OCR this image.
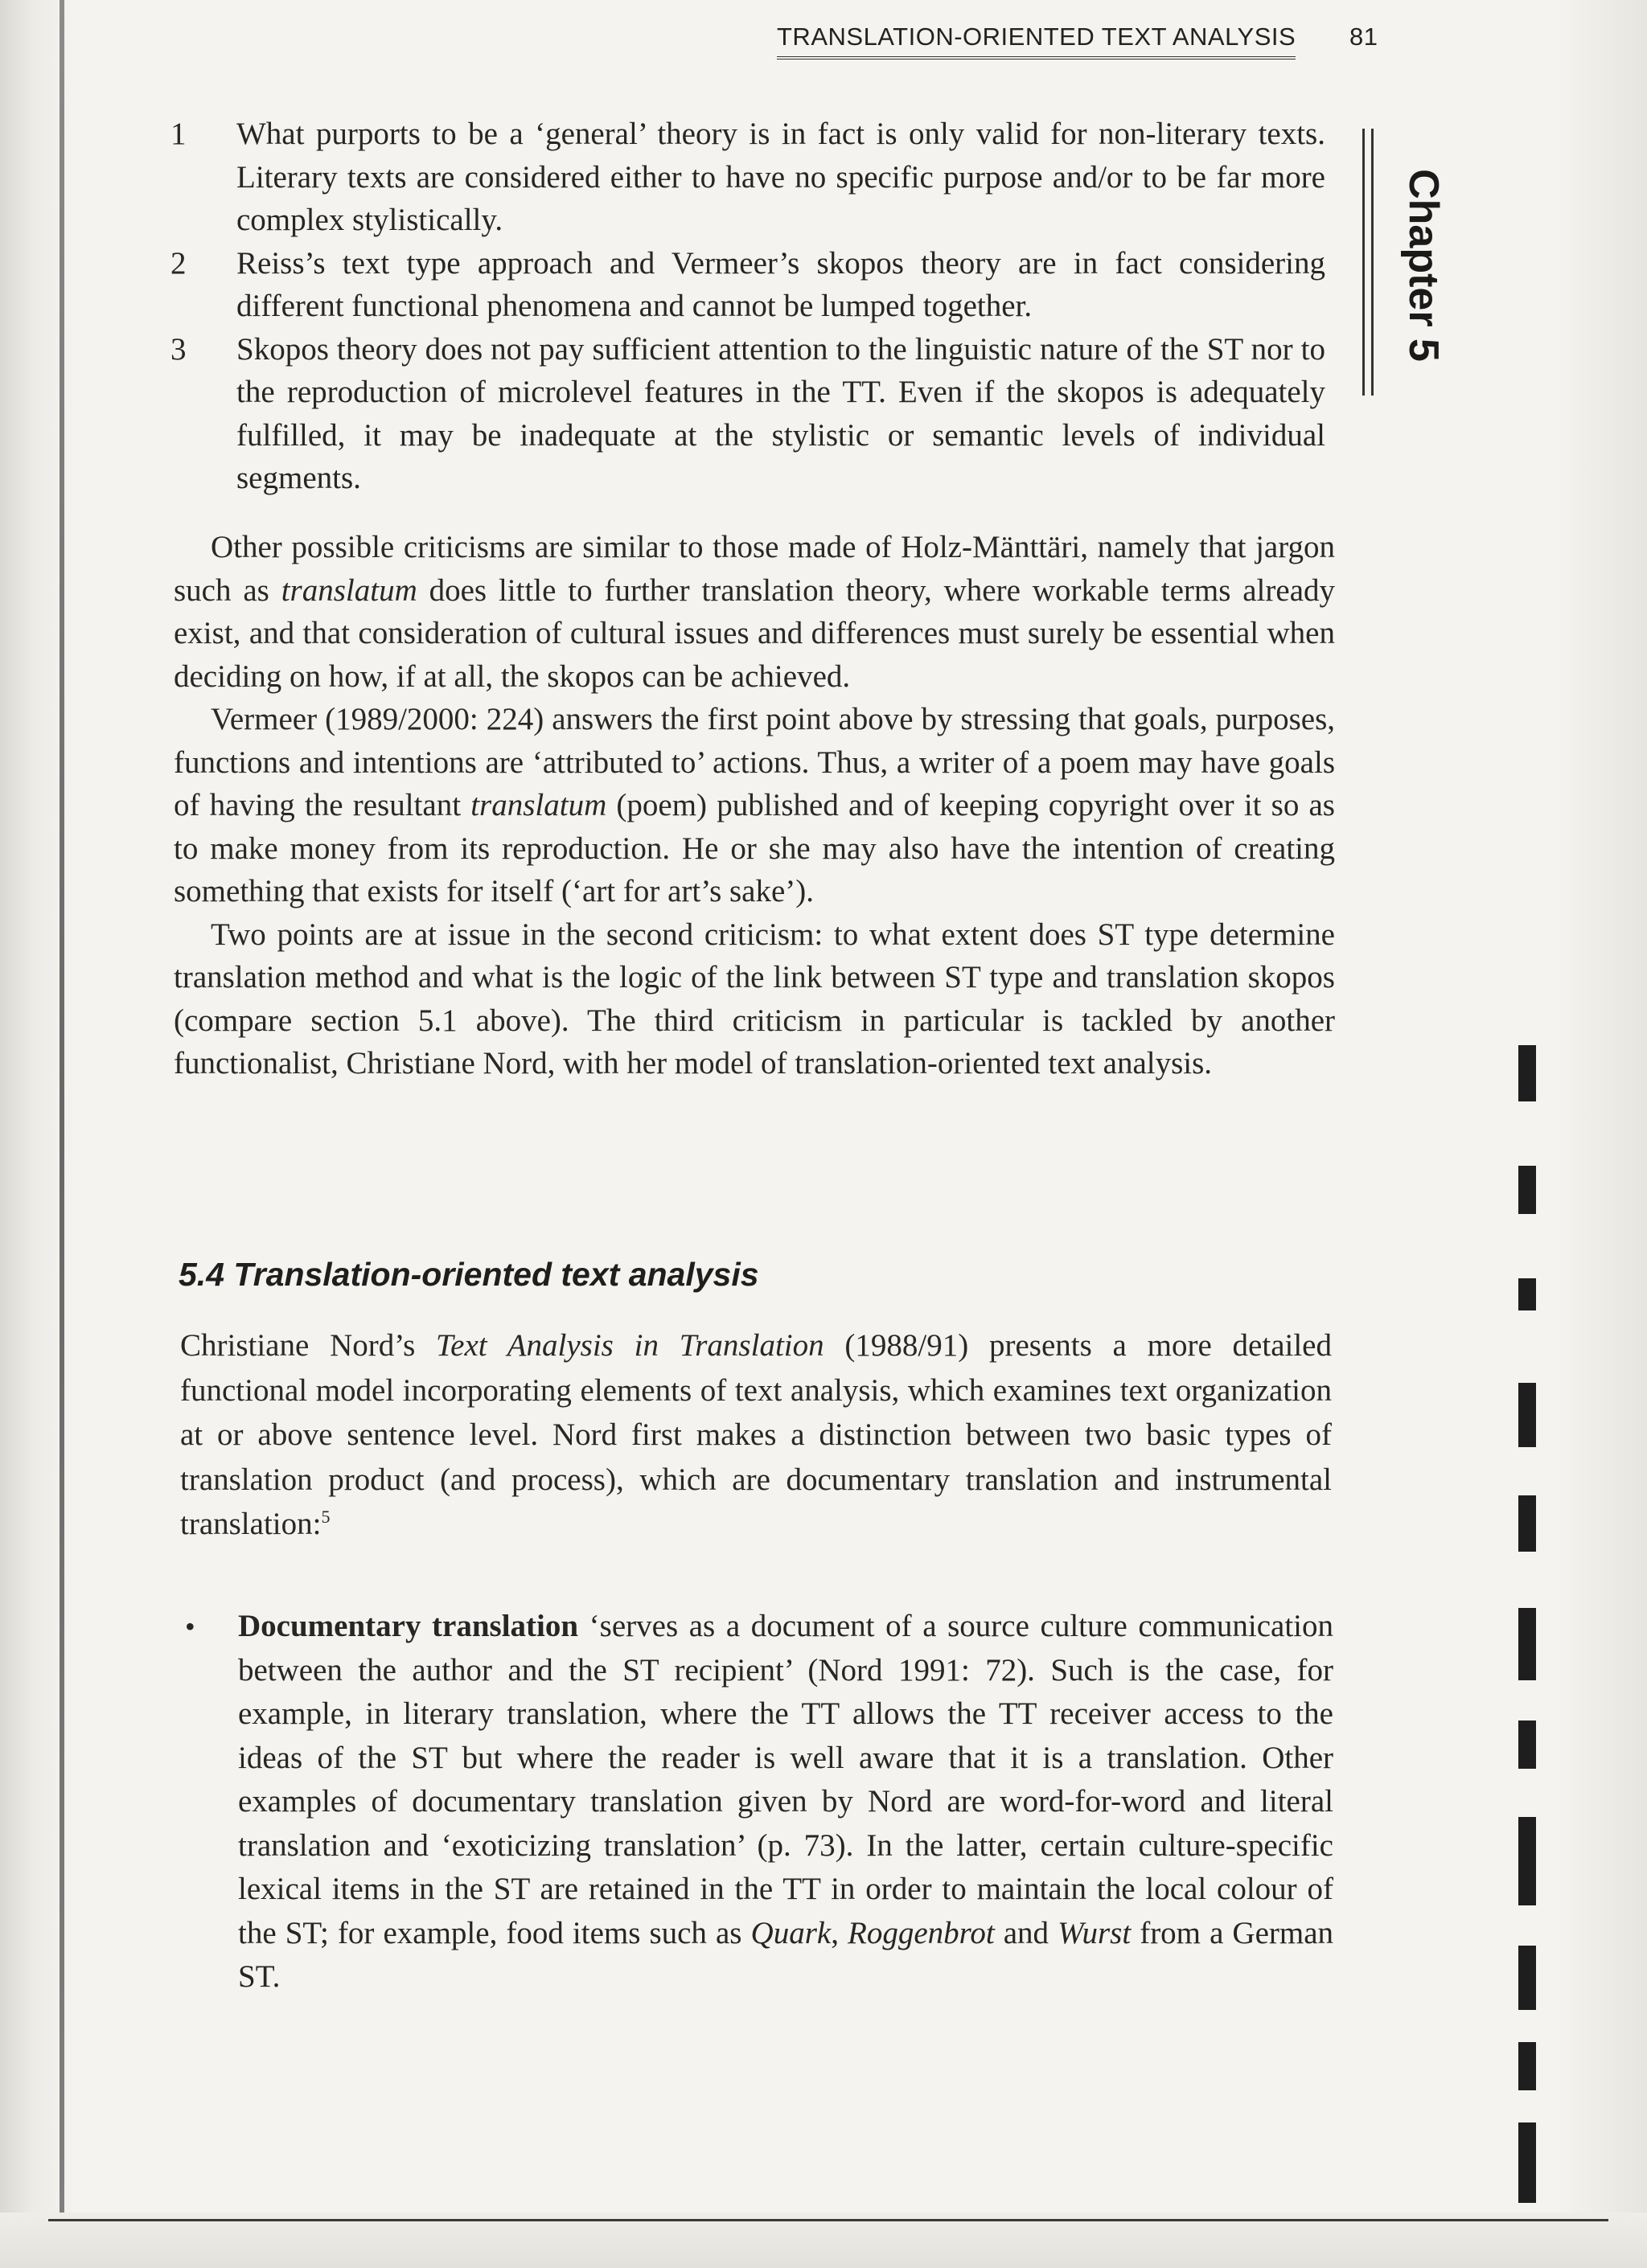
TRANSLATION-ORIENTED TEXT ANALYSIS 81
Chapter 5

1 What purports to be a ‘general’ theory is in fact is only valid for non-literary texts. Literary texts are considered either to have no specific purpose and/or to be far more complex stylistically.

2 Reiss’s text type approach and Vermeer’s skopos theory are in fact considering different functional phenomena and cannot be lumped together.

3 Skopos theory does not pay sufficient attention to the linguistic nature of the ST nor to the reproduction of microlevel features in the TT. Even if the skopos is adequately fulfilled, it may be inadequate at the stylistic or semantic levels of individual segments.

Other possible criticisms are similar to those made of Holz-Mänttäri, namely that jargon such as translatum does little to further translation theory, where workable terms already exist, and that consideration of cultural issues and differences must surely be essential when deciding on how, if at all, the skopos can be achieved.

Vermeer (1989/2000: 224) answers the first point above by stressing that goals, purposes, functions and intentions are ‘attributed to’ actions. Thus, a writer of a poem may have goals of having the resultant translatum (poem) published and of keeping copyright over it so as to make money from its reproduction. He or she may also have the intention of creating something that exists for itself (‘art for art’s sake’).

Two points are at issue in the second criticism: to what extent does ST type determine translation method and what is the logic of the link between ST type and translation skopos (compare section 5.1 above). The third criticism in particular is tackled by another functionalist, Christiane Nord, with her model of translation-oriented text analysis.

5.4 Translation-oriented text analysis

Christiane Nord’s Text Analysis in Translation (1988/91) presents a more detailed functional model incorporating elements of text analysis, which examines text organization at or above sentence level. Nord first makes a distinction between two basic types of translation product (and process), which are documentary translation and instrumental translation:$^5$

• Documentary translation ‘serves as a document of a source culture communication between the author and the ST recipient’ (Nord 1991: 72). Such is the case, for example, in literary translation, where the TT allows the TT receiver access to the ideas of the ST but where the reader is well aware that it is a translation. Other examples of documentary translation given by Nord are word-for-word and literal translation and ‘exoticizing translation’ (p. 73). In the latter, certain culture-specific lexical items in the ST are retained in the TT in order to maintain the local colour of the ST; for example, food items such as Quark, Roggenbrot and Wurst from a German ST.
